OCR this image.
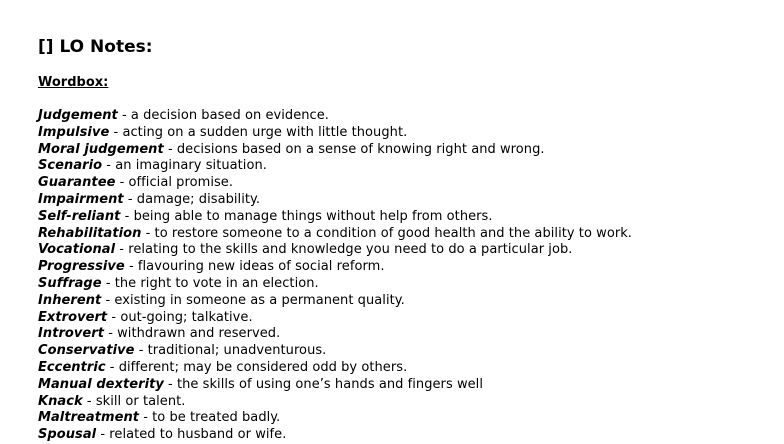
[] LO Notes:
Wordbox:
Judgement - a decision based on evidence.
Impulsive - acting on a sudden urge with little thought.
Moral judgement - decisions based on a sense of knowing right and wrong.
Scenario - an imaginary situation.
Guarantee - official promise.
Impairment - damage; disability.
Self-reliant - being able to manage things without help from others.
Rehabilitation - to restore someone to a condition of good health and the ability to work.
Vocational - relating to the skills and knowledge you need to do a particular job.
Progressive - flavouring new ideas of social reform.
Suffrage - the right to vote in an election.
Inherent - existing in someone as a permanent quality.
Extrovert - out-going; talkative.
Introvert - withdrawn and reserved.
Conservative - traditional; unadventurous.
Eccentric - different; may be considered odd by others.
Manual dexterity - the skills of using one’s hands and fingers well
Knack - skill or talent.
Maltreatment - to be treated badly.
Spousal - related to husband or wife.
